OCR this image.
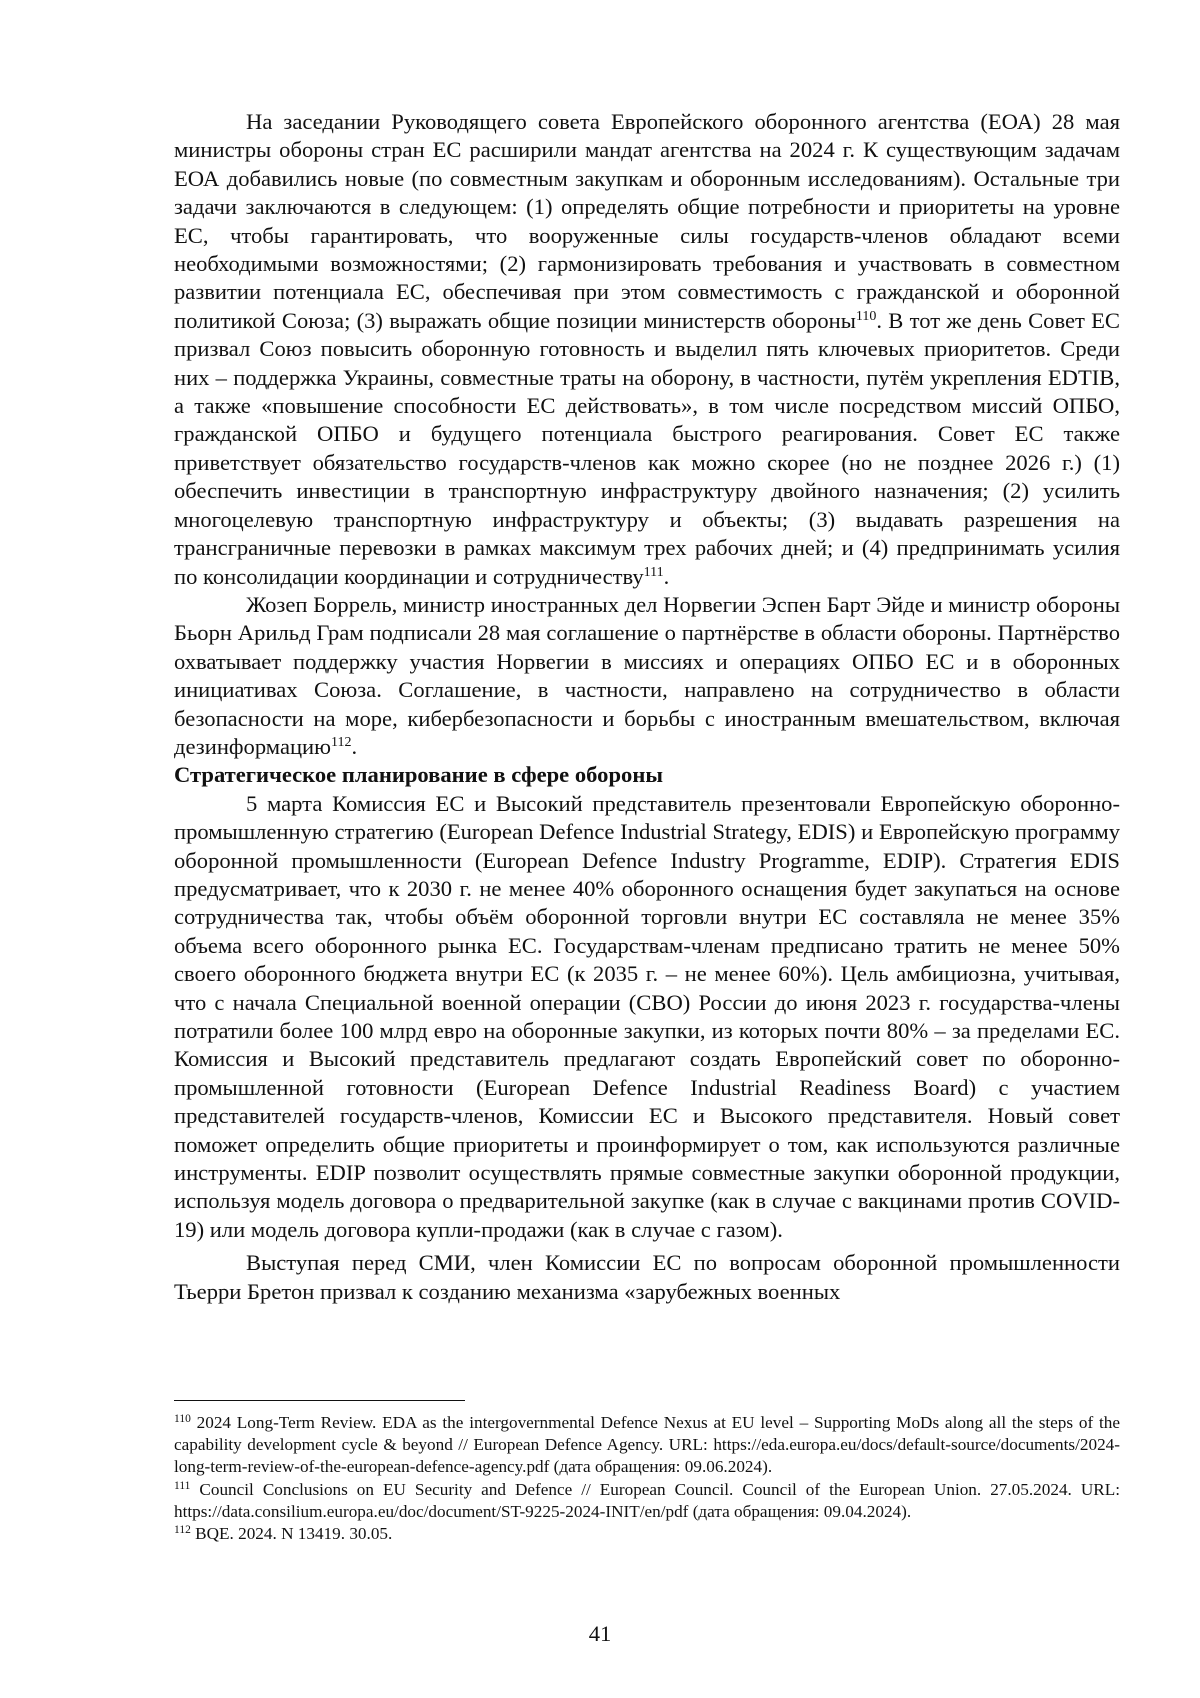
На заседании Руководящего совета Европейского оборонного агентства (ЕОА) 28 мая министры обороны стран ЕС расширили мандат агентства на 2024 г. К существующим задачам ЕОА добавились новые (по совместным закупкам и оборонным исследованиям). Остальные три задачи заключаются в следующем: (1) определять общие потребности и приоритеты на уровне ЕС, чтобы гарантировать, что вооруженные силы государств-членов обладают всеми необходимыми возможностями; (2) гармонизировать требования и участвовать в совместном развитии потенциала ЕС, обеспечивая при этом совместимость с гражданской и оборонной политикой Союза; (3) выражать общие позиции министерств обороны$^{110}$. В тот же день Совет ЕС призвал Союз повысить оборонную готовность и выделил пять ключевых приоритетов. Среди них – поддержка Украины, совместные траты на оборону, в частности, путём укрепления EDTIB, а также «повышение способности ЕС действовать», в том числе посредством миссий ОПБО, гражданской ОПБО и будущего потенциала быстрого реагирования. Совет ЕС также приветствует обязательство государств-членов как можно скорее (но не позднее 2026 г.) (1) обеспечить инвестиции в транспортную инфраструктуру двойного назначения; (2) усилить многоцелевую транспортную инфраструктуру и объекты; (3) выдавать разрешения на трансграничные перевозки в рамках максимум трех рабочих дней; и (4) предпринимать усилия по консолидации координации и сотрудничеству$^{111}$.

Жозеп Боррель, министр иностранных дел Норвегии Эспен Барт Эйде и министр обороны Бьорн Арильд Грам подписали 28 мая соглашение о партнёрстве в области обороны. Партнёрство охватывает поддержку участия Норвегии в миссиях и операциях ОПБО ЕС и в оборонных инициативах Союза. Соглашение, в частности, направлено на сотрудничество в области безопасности на море, кибербезопасности и борьбы с иностранным вмешательством, включая дезинформацию$^{112}$.

Стратегическое планирование в сфере обороны

5 марта Комиссия ЕС и Высокий представитель презентовали Европейскую оборонно-промышленную стратегию (European Defence Industrial Strategy, EDIS) и Европейскую программу оборонной промышленности (European Defence Industry Programme, EDIP). Стратегия EDIS предусматривает, что к 2030 г. не менее 40% оборонного оснащения будет закупаться на основе сотрудничества так, чтобы объём оборонной торговли внутри ЕС составляла не менее 35% объема всего оборонного рынка ЕС. Государствам-членам предписано тратить не менее 50% своего оборонного бюджета внутри ЕС (к 2035 г. – не менее 60%). Цель амбициозна, учитывая, что с начала Специальной военной операции (СВО) России до июня 2023 г. государства-члены потратили более 100 млрд евро на оборонные закупки, из которых почти 80% – за пределами ЕС. Комиссия и Высокий представитель предлагают создать Европейский совет по оборонно-промышленной готовности (European Defence Industrial Readiness Board) с участием представителей государств-членов, Комиссии ЕС и Высокого представителя. Новый совет поможет определить общие приоритеты и проинформирует о том, как используются различные инструменты. EDIP позволит осуществлять прямые совместные закупки оборонной продукции, используя модель договора о предварительной закупке (как в случае с вакцинами против COVID-19) или модель договора купли-продажи (как в случае с газом).

Выступая перед СМИ, член Комиссии ЕС по вопросам оборонной промышленности Тьерри Бретон призвал к созданию механизма «зарубежных военных

$^{110}$ 2024 Long-Term Review. EDA as the intergovernmental Defence Nexus at EU level – Supporting MoDs along all the steps of the capability development cycle & beyond // European Defence Agency. URL: https://eda.europa.eu/docs/default-source/documents/2024-long-term-review-of-the-european-defence-agency.pdf (дата обращения: 09.06.2024).

$^{111}$ Council Conclusions on EU Security and Defence // European Council. Council of the European Union. 27.05.2024. URL: https://data.consilium.europa.eu/doc/document/ST-9225-2024-INIT/en/pdf (дата обращения: 09.04.2024).

$^{112}$ BQE. 2024. N 13419. 30.05.

41
